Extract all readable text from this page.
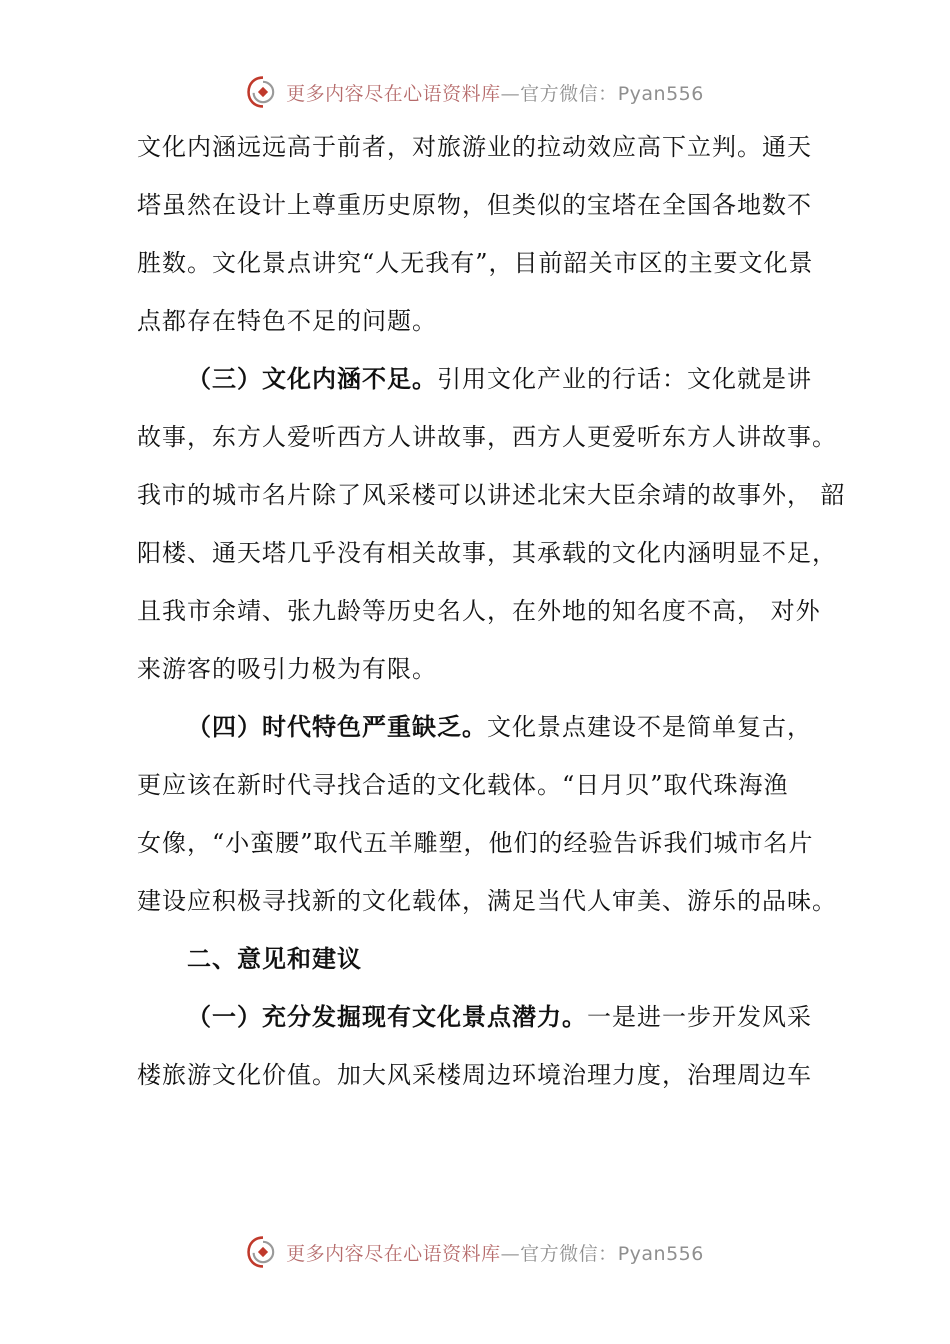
更多内容尽在心语资料库—官方微信：Pyan556
文化内涵远远高于前者，对旅游业的拉动效应高下立判。通天
塔虽然在设计上尊重历史原物，但类似的宝塔在全国各地数不
胜数。文化景点讲究“人无我有”，目前韶关市区的主要文化景
点都存在特色不足的问题。
（三）文化内涵不足。引用文化产业的行话：文化就是讲
故事，东方人爱听西方人讲故事，西方人更爱听东方人讲故事。
我市的城市名片除了风采楼可以讲述北宋大臣余靖的故事外， 韶
阳楼、通天塔几乎没有相关故事，其承载的文化内涵明显不足，
且我市余靖、张九龄等历史名人，在外地的知名度不高， 对外
来游客的吸引力极为有限。
（四）时代特色严重缺乏。文化景点建设不是简单复古，
更应该在新时代寻找合适的文化载体。“日月贝”取代珠海渔
女像，“小蛮腰”取代五羊雕塑，他们的经验告诉我们城市名片
建设应积极寻找新的文化载体，满足当代人审美、游乐的品味。
二、意见和建议
（一）充分发掘现有文化景点潜力。一是进一步开发风采
楼旅游文化价值。加大风采楼周边环境治理力度，治理周边车
更多内容尽在心语资料库—官方微信：Pyan556
